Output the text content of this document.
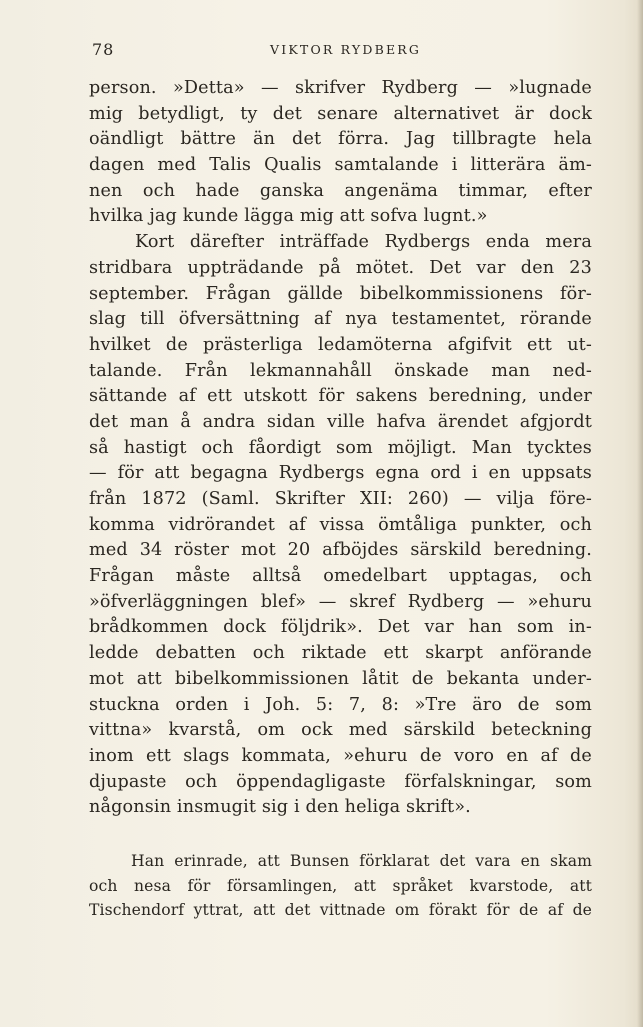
78	VIKTOR RYDBERG
person. »Detta» — skrifver Rydberg — »lugnade
mig betydligt, ty det senare alternativet är dock
oändligt bättre än det förra. Jag tillbragte hela
dagen med Talis Qualis samtalande i litterära äm-
nen och hade ganska angenäma timmar, efter
hvilka jag kunde lägga mig att sofva lugnt.»
Kort därefter inträffade Rydbergs enda mera
stridbara uppträdande på mötet. Det var den 23
september. Frågan gällde bibelkommissionens för-
slag till öfversättning af nya testamentet, rörande
hvilket de prästerliga ledamöterna afgifvit ett ut-
talande. Från lekmannahåll önskade man ned-
sättande af ett utskott för sakens beredning, under
det man å andra sidan ville hafva ärendet afgjordt
så hastigt och fåordigt som möjligt. Man tycktes
— för att begagna Rydbergs egna ord i en uppsats
från 1872 (Saml. Skrifter XII: 260) — vilja före-
komma vidrörandet af vissa ömtåliga punkter, och
med 34 röster mot 20 afböjdes särskild beredning.
Frågan måste alltså omedelbart upptagas, och
»öfverläggningen blef» — skref Rydberg — »ehuru
brådkommen dock följdrik». Det var han som in-
ledde debatten och riktade ett skarpt anförande
mot att bibelkommissionen låtit de bekanta under-
stuckna orden i Joh. 5: 7, 8: »Tre äro de som
vittna» kvarstå, om ock med särskild beteckning
inom ett slags kommata, »ehuru de voro en af de
djupaste och öppendagligaste förfalskningar, som
någonsin insmugit sig i den heliga skrift».
Han erinrade, att Bunsen förklarat det vara en skam
och nesa för församlingen, att språket kvarstode, att
Tischendorf yttrat, att det vittnade om förakt för de af de
